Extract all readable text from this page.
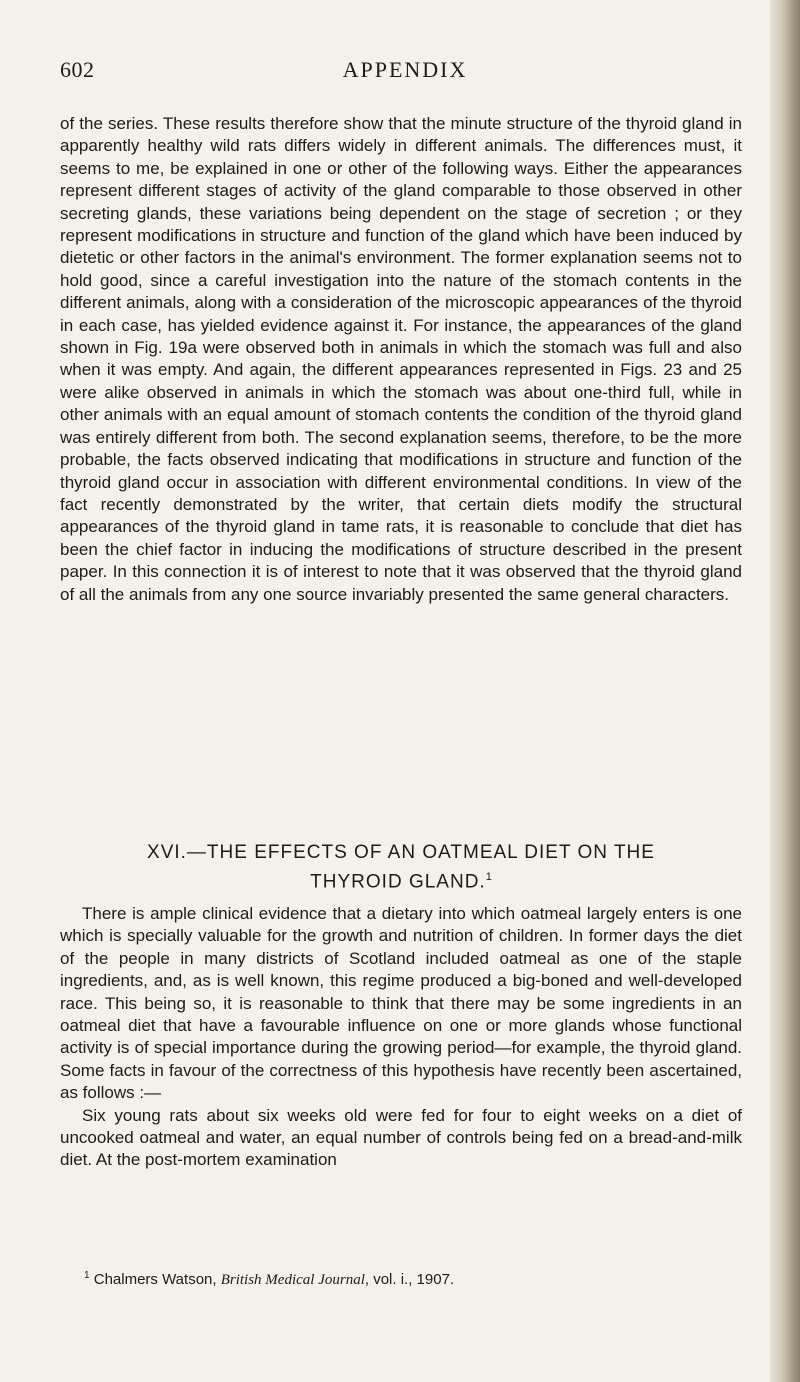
602	APPENDIX

of the series. These results therefore show that the minute structure of the thyroid gland in apparently healthy wild rats differs widely in different animals. The differences must, it seems to me, be explained in one or other of the following ways. Either the appearances represent different stages of activity of the gland comparable to those observed in other secreting glands, these variations being dependent on the stage of secretion ; or they represent modifications in structure and function of the gland which have been induced by dietetic or other factors in the animal's environment. The former explanation seems not to hold good, since a careful investigation into the nature of the stomach contents in the different animals, along with a consideration of the microscopic appearances of the thyroid in each case, has yielded evidence against it. For instance, the appearances of the gland shown in Fig. 19a were observed both in animals in which the stomach was full and also when it was empty. And again, the different appearances represented in Figs. 23 and 25 were alike observed in animals in which the stomach was about one-third full, while in other animals with an equal amount of stomach contents the condition of the thyroid gland was entirely different from both. The second explanation seems, therefore, to be the more probable, the facts observed indicating that modifications in structure and function of the thyroid gland occur in association with different environmental conditions. In view of the fact recently demonstrated by the writer, that certain diets modify the structural appearances of the thyroid gland in tame rats, it is reasonable to conclude that diet has been the chief factor in inducing the modifications of structure described in the present paper. In this connection it is of interest to note that it was observed that the thyroid gland of all the animals from any one source invariably presented the same general characters.

XVI.—THE EFFECTS OF AN OATMEAL DIET ON THE
THYROID GLAND.$^1$

There is ample clinical evidence that a dietary into which oatmeal largely enters is one which is specially valuable for the growth and nutrition of children. In former days the diet of the people in many districts of Scotland included oatmeal as one of the staple ingredients, and, as is well known, this regime produced a big-boned and well-developed race. This being so, it is reasonable to think that there may be some ingredients in an oatmeal diet that have a favourable influence on one or more glands whose functional activity is of special importance during the growing period—for example, the thyroid gland. Some facts in favour of the correctness of this hypothesis have recently been ascertained, as follows :—

Six young rats about six weeks old were fed for four to eight weeks on a diet of uncooked oatmeal and water, an equal number of controls being fed on a bread-and-milk diet. At the post-mortem examination

$^1$ Chalmers Watson, British Medical Journal, vol. i., 1907.
